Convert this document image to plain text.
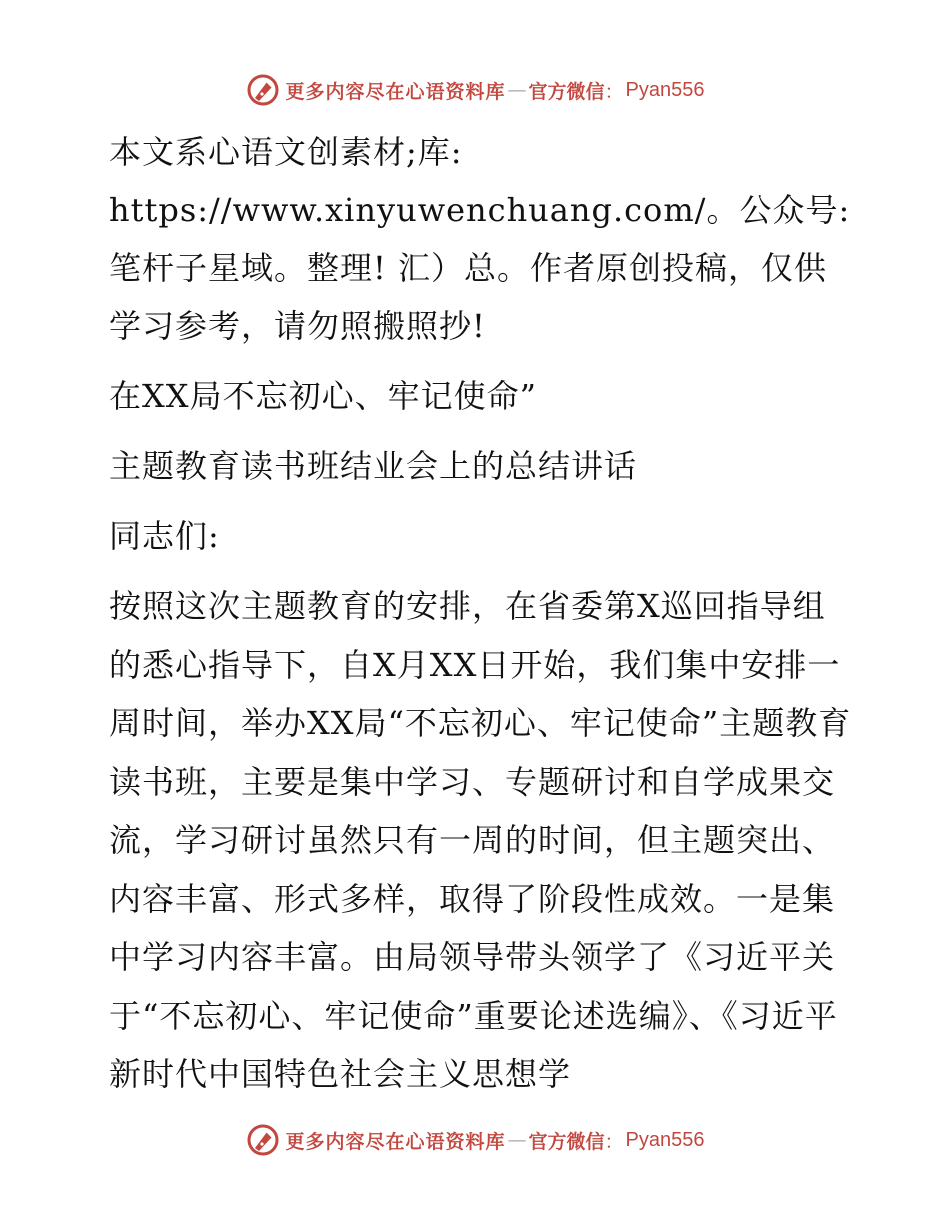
更多内容尽在心语资料库 — 官方微信 ： Pyan556

本文系心语文创素材;库: https://www.xinyuwenchuang.com/。公众号: 笔杆子星域。整理! 汇）总。作者原创投稿，仅供学习参考，请勿照搬照抄!

在XX局不忘初心、牢记使命”

主题教育读书班结业会上的总结讲话

同志们:

按照这次主题教育的安排，在省委第X巡回指导组的悉心指导下，自X月XX日开始，我们集中安排一周时间，举办XX局“不忘初心、牢记使命”主题教育读书班，主要是集中学习、专题研讨和自学成果交流，学习研讨虽然只有一周的时间，但主题突出、内容丰富、形式多样，取得了阶段性成效。一是集中学习内容丰富。由局领导带头领学了《习近平关于“不忘初心、牢记使命”重要论述选编》、《习近平新时代中国特色社会主义思想学

更多内容尽在心语资料库 — 官方微信 ： Pyan556
